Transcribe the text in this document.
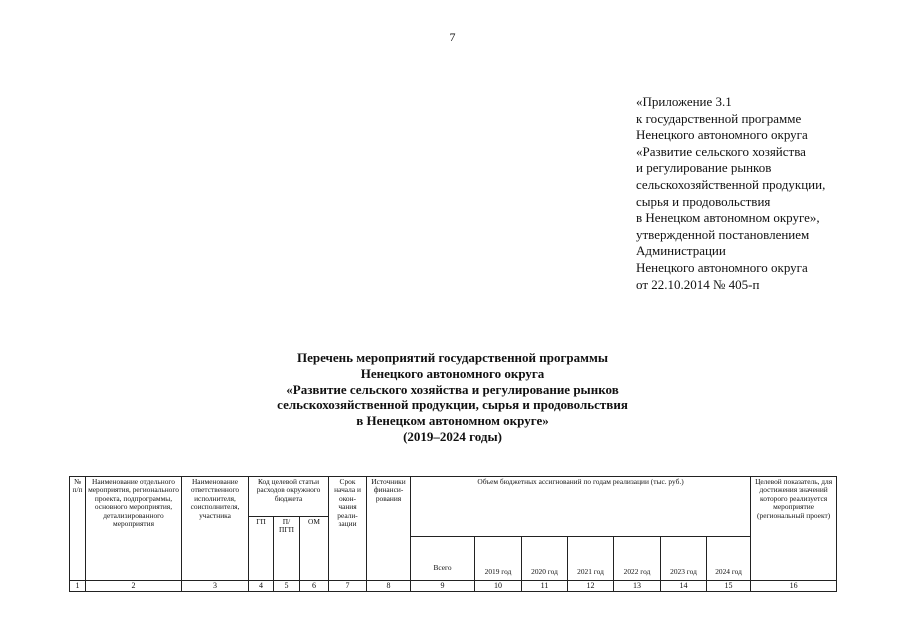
7
«Приложение 3.1
к государственной программе
Ненецкого автономного округа
«Развитие сельского хозяйства
и регулирование рынков
сельскохозяйственной продукции,
сырья и продовольствия
в Ненецком автономном округе»,
утвержденной постановлением
Администрации
Ненецкого автономного округа
от 22.10.2014 № 405-п
Перечень мероприятий государственной программы
Ненецкого автономного округа
«Развитие сельского хозяйства и регулирование рынков
сельскохозяйственной продукции, сырья и продовольствия
в Ненецком автономном округе»
(2019–2024 годы)
№ п/п	Наименование отдельного мероприятия, регионального проекта, подпрограммы, основного мероприятия, детализированного мероприятия	Наименование ответственного исполнителя, соисполнителя, участника	Код целевой статьи расходов окружного бюджета			Срок начала и окон-чания реали-зации	Источники финанси-рования	Объем бюджетных ассигнований по годам реализации (тыс. руб.)							Целевой показатель, для достижения значений которого реализуется мероприятие (региональный проект)
			ГП	П/ ПГП	ОМ										
								Всего	2019 год	2020 год	2021 год	2022 год	2023 год	2024 год	
1	2	3	4	5	6	7	8	9	10	11	12	13	14	15	16
